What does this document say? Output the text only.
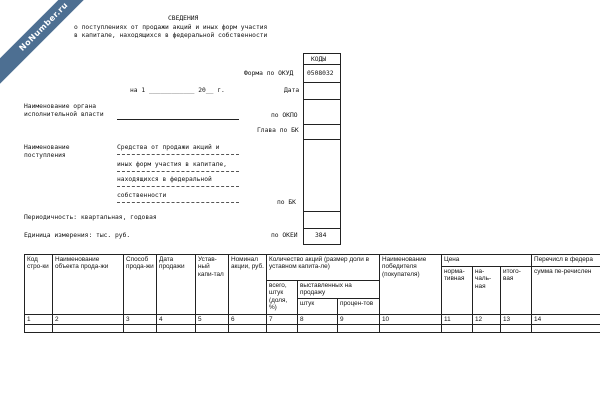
NoNumber.ru	СВЕДЕНИЯ
о поступлениях от продажи акций и иных форм участия
в капитале, находящихся в федеральной собственности
КОДЫ
Форма по ОКУД 0508032
на 1 ____________ 20__ г.	Дата
по ОКПО
Глава по БК
по БК
по ОКЕИ	384
Наименование органа
исполнительной власти
Наименование
поступления
Средства от продажи акций и
иных форм участия в капитале,
находящихся в федеральной
собственности
Периодичность: квартальная, годовая
Единица измерения: тыс. руб.
Код стро-ки	Наименование объекта прода-жи	Способ прода-жи	Дата продажи	Устав-ный капи-тал	Номинал акции, руб.	Количество акций (размер доли в уставном капита-ле)			Наименование победителя (покупателя)	Цена			Перечисл в федера
										норма-тивная	на-чаль-ная	итого-вая	сумма пе-речислен
						всего, штук (доля, %)	выставленных на продажу						
							штук	процен-тов					
1	2	3	4	5	6	7	8	9	10	11	12	13	14
